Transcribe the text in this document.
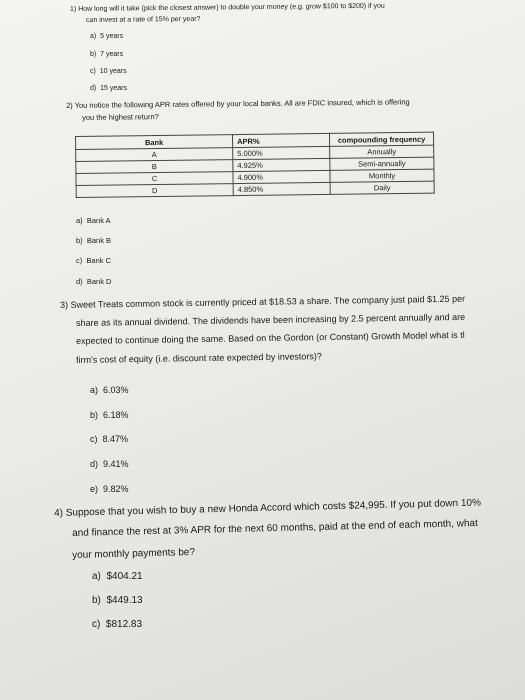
1) How long will it take (pick the closest answer) to double your money (e.g. grow $100 to $200) if you
can invest at a rate of 15% per year?
a) 5 years
b) 7 years
c) 10 years
d) 15 years
2) You notice the following APR rates offered by your local banks. All are FDIC insured, which is offering
you the highest return?
Bank	APR%	compounding frequency
A	5.000%	Annually
B	4.925%	Semi-annually
C	4.900%	Monthly
D	4.850%	Daily
a) Bank A
b) Bank B
c) Bank C
d) Bank D
3) Sweet Treats common stock is currently priced at $18.53 a share. The company just paid $1.25 per
share as its annual dividend. The dividends have been increasing by 2.5 percent annually and are
expected to continue doing the same. Based on the Gordon (or Constant) Growth Model what is tl
firm's cost of equity (i.e. discount rate expected by investors)?
a) 6.03%
b) 6.18%
c) 8.47%
d) 9.41%
e) 9.82%
4) Suppose that you wish to buy a new Honda Accord which costs $24,995. If you put down 10%
and finance the rest at 3% APR for the next 60 months, paid at the end of each month, what
your monthly payments be?
a) $404.21
b) $449.13
c) $812.83
